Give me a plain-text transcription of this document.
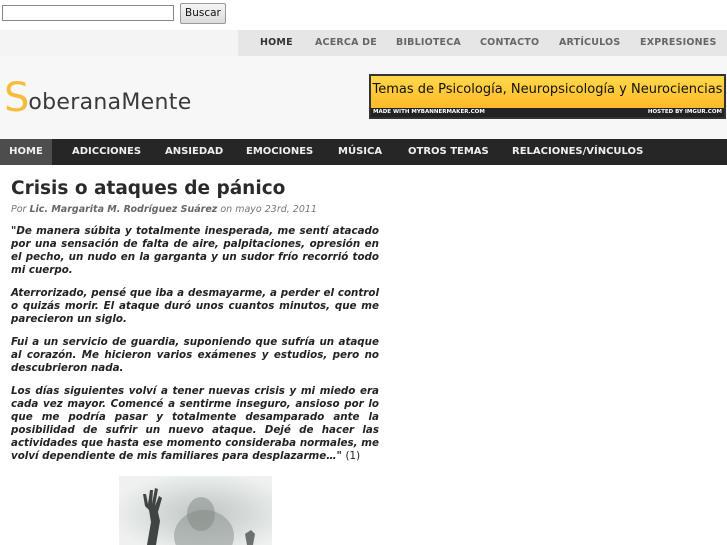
Buscar
HOME ACERCA DE BIBLIOTECA CONTACTO ARTÍCULOS EXPRESIONES
S oberanaMente
Temas de Psicología, Neuropsicología y Neurociencias
MADE WITH MYBANNERMAKER.COM	HOSTED BY IMGUR.COM
HOME	ADICCIONES ANSIEDAD EMOCIONES MÚSICA	OTROS TEMAS RELACIONES/VÍNCULOS
Crisis o ataques de pánico
Por Lic. Margarita M. Rodríguez Suárez on mayo 23rd, 2011

"De manera súbita y totalmente inesperada, me sentí atacado por una sensación de falta de aire, palpitaciones, opresión en el pecho, un nudo en la garganta y un sudor frío recorrió todo mi cuerpo.

Aterrorizado, pensé que iba a desmayarme, a perder el control o quizás morir. El ataque duró unos cuantos minutos, que me parecieron un siglo.

Fui a un servicio de guardia, suponiendo que sufría un ataque al corazón. Me hicieron varios exámenes y estudios, pero no descubrieron nada.

Los días siguientes volví a tener nuevas crisis y mi miedo era cada vez mayor. Comencé a sentirme inseguro, ansioso por lo que me podría pasar y totalmente desamparado ante la posibilidad de sufrir un nuevo ataque. Dejé de hacer las actividades que hasta ese momento consideraba normales, me volví dependiente de mis familiares para desplazarme…" (1)
